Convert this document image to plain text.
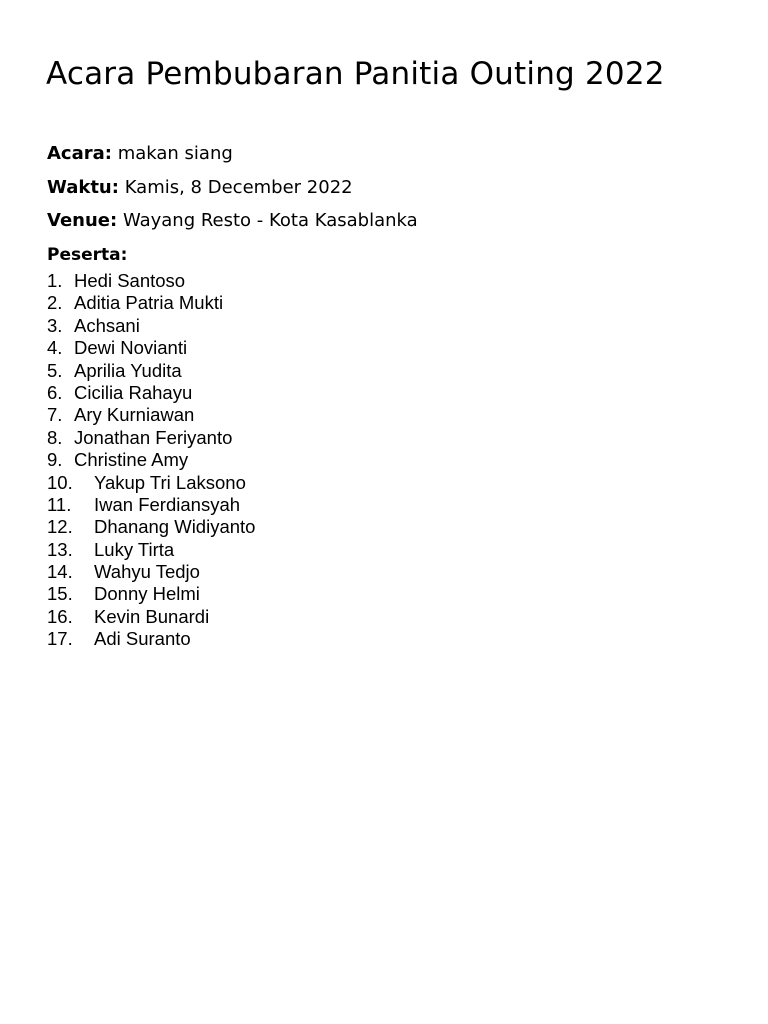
Acara Pembubaran Panitia Outing 2022
Acara: makan siang
Waktu: Kamis, 8 December 2022
Venue: Wayang Resto - Kota Kasablanka
Peserta:
1. Hedi Santoso
2. Aditia Patria Mukti
3. Achsani
4. Dewi Novianti
5. Aprilia Yudita
6. Cicilia Rahayu
7. Ary Kurniawan
8. Jonathan Feriyanto
9. Christine Amy
10. Yakup Tri Laksono
11. Iwan Ferdiansyah
12. Dhanang Widiyanto
13. Luky Tirta
14. Wahyu Tedjo
15. Donny Helmi
16. Kevin Bunardi
17. Adi Suranto
